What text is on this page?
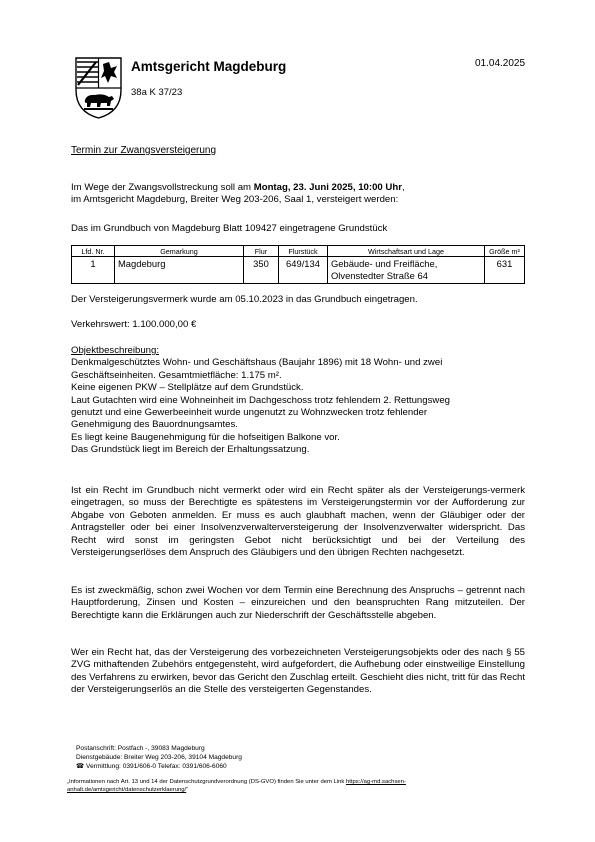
Amtsgericht Magdeburg
38a K 37/23
01.04.2025
Termin zur Zwangsversteigerung
Im Wege der Zwangsvollstreckung soll am Montag, 23. Juni 2025, 10:00 Uhr,
im Amtsgericht Magdeburg, Breiter Weg 203-206, Saal 1, versteigert werden:
Das im Grundbuch von Magdeburg Blatt 109427 eingetragene Grundstück
Lfd. Nr.	Gemarkung	Flur	Flurstück	Wirtschaftsart und Lage	Größe m²
1	Magdeburg	350	649/134	Gebäude- und Freifläche,
Olvenstedter Straße 64	631
Der Versteigerungsvermerk wurde am 05.10.2023 in das Grundbuch eingetragen.
Verkehrswert: 1.100.000,00 €
Objektbeschreibung:
Denkmalgeschütztes Wohn- und Geschäftshaus (Baujahr 1896) mit 18 Wohn- und zwei
Geschäftseinheiten. Gesamtmietfläche: 1.175 m².
Keine eigenen PKW – Stellplätze auf dem Grundstück.
Laut Gutachten wird eine Wohneinheit im Dachgeschoss trotz fehlendem 2. Rettungsweg
genutzt und eine Gewerbeeinheit wurde ungenutzt zu Wohnzwecken trotz fehlender
Genehmigung des Bauordnungsamtes.
Es liegt keine Baugenehmigung für die hofseitigen Balkone vor.
Das Grundstück liegt im Bereich der Erhaltungssatzung.
Ist ein Recht im Grundbuch nicht vermerkt oder wird ein Recht später als der Versteigerungs-vermerk eingetragen, so muss der Berechtigte es spätestens im Versteigerungstermin vor der Aufforderung zur Abgabe von Geboten anmelden. Er muss es auch glaubhaft machen, wenn der Gläubiger oder der Antragsteller oder bei einer Insolvenzverwalterversteigerung der Insolvenzverwalter widerspricht. Das Recht wird sonst im geringsten Gebot nicht berücksichtigt und bei der Verteilung des Versteigerungserlöses dem Anspruch des Gläubigers und den übrigen Rechten nachgesetzt.
Es ist zweckmäßig, schon zwei Wochen vor dem Termin eine Berechnung des Anspruchs – getrennt nach Hauptforderung, Zinsen und Kosten – einzureichen und den beanspruchten Rang mitzuteilen. Der Berechtigte kann die Erklärungen auch zur Niederschrift der Geschäftsstelle abgeben.
Wer ein Recht hat, das der Versteigerung des vorbezeichneten Versteigerungsobjekts oder des nach § 55 ZVG mithaftenden Zubehörs entgegensteht, wird aufgefordert, die Aufhebung oder einstweilige Einstellung des Verfahrens zu erwirken, bevor das Gericht den Zuschlag erteilt. Geschieht dies nicht, tritt für das Recht der Versteigerungserlös an die Stelle des versteigerten Gegenstandes.
Postanschrift: Postfach -, 39083 Magdeburg
Dienstgebäude: Breiter Weg 203-206, 39104 Magdeburg
☎ Vermittlung: 0391/606-0 Telefax: 0391/606-6060
„Informationen nach Art. 13 und 14 der Datenschutzgrundverordnung (DS-GVO) finden Sie unter dem Link https://ag-md.sachsen-
anhalt.de/amtsgericht/datenschutzerklaerung/“
